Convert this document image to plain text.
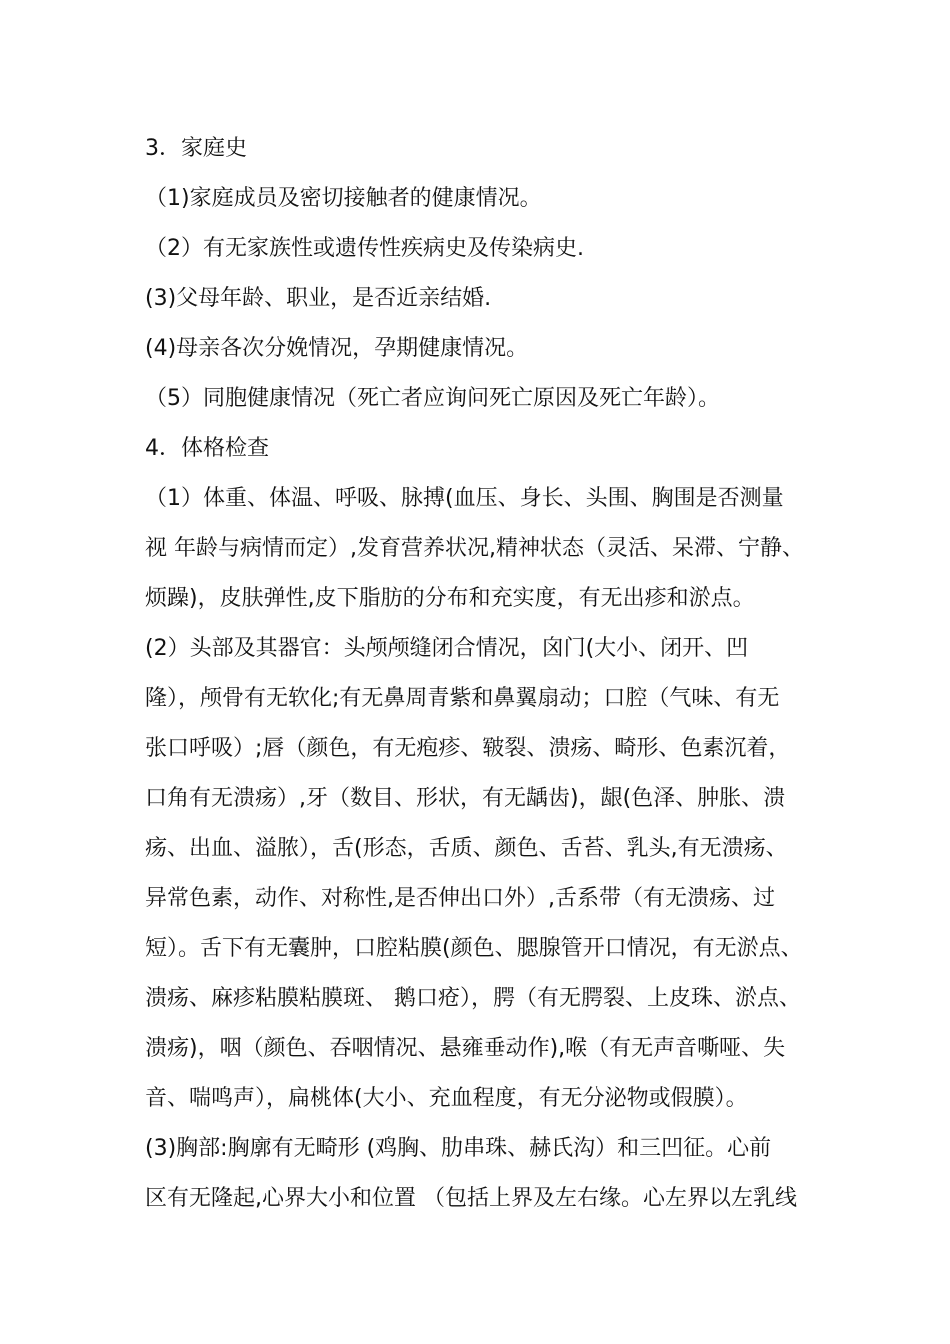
3．家庭史
（1)家庭成员及密切接触者的健康情况。
（2）有无家族性或遗传性疾病史及传染病史.
(3)父母年龄、职业，是否近亲结婚.
(4)母亲各次分娩情况，孕期健康情况。
（5）同胞健康情况（死亡者应询问死亡原因及死亡年龄）。
4．体格检查
（1）体重、体温、呼吸、脉搏(血压、身长、头围、胸围是否测量
视 年龄与病情而定）,发育营养状况,精神状态（灵活、呆滞、宁静、
烦躁)，皮肤弹性,皮下脂肪的分布和充实度，有无出疹和淤点。
(2）头部及其器官：头颅颅缝闭合情况，囟门(大小、闭开、凹
隆），颅骨有无软化;有无鼻周青紫和鼻翼扇动；口腔（气味、有无
张口呼吸）;唇（颜色，有无疱疹、皲裂、溃疡、畸形、色素沉着，
口角有无溃疡）,牙（数目、形状，有无龋齿)，龈(色泽、肿胀、溃
疡、出血、溢脓），舌(形态，舌质、颜色、舌苔、乳头,有无溃疡、
异常色素，动作、对称性,是否伸出口外）,舌系带（有无溃疡、过
短）。舌下有无囊肿，口腔粘膜(颜色、腮腺管开口情况，有无淤点、
溃疡、麻疹粘膜粘膜斑、 鹅口疮），腭（有无腭裂、上皮珠、淤点、
溃疡)，咽（颜色、吞咽情况、悬雍垂动作),喉（有无声音嘶哑、失
音、喘鸣声），扁桃体(大小、充血程度，有无分泌物或假膜）。
(3)胸部:胸廓有无畸形 (鸡胸、肋串珠、赫氏沟）和三凹征。心前
区有无隆起,心界大小和位置 （包括上界及左右缘。心左界以左乳线
